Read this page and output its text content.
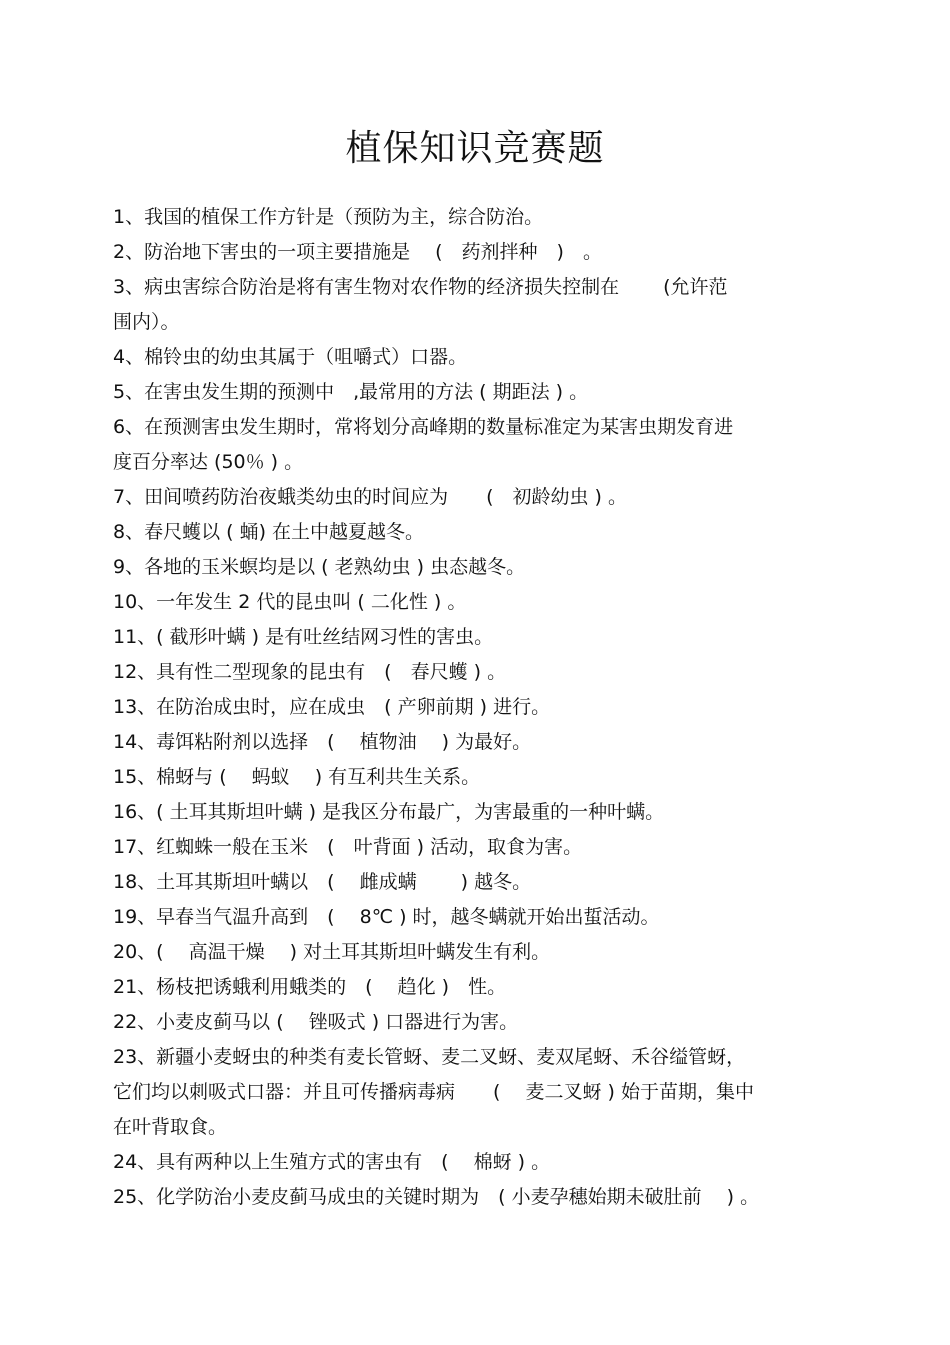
植保知识竞赛题
1、我国的植保工作方针是（预防为主，综合防治。
2、防治地下害虫的一项主要措施是　 (　药剂拌种　)　。
3、病虫害综合防治是将有害生物对农作物的经济损失控制在　　 (允许范
围内）。
4、棉铃虫的幼虫其属于（咀嚼式）口器。
5、在害虫发生期的预测中　,最常用的方法 ( 期距法 ) 。
6、在预测害虫发生期时，常将划分高峰期的数量标准定为某害虫期发育进
度百分率达 (50％ ) 。
7、田间喷药防治夜蛾类幼虫的时间应为　　(　初龄幼虫 ) 。
8、春尺蠖以 ( 蛹) 在土中越夏越冬。
9、各地的玉米螟均是以 ( 老熟幼虫 ) 虫态越冬。
10、一年发生 2 代的昆虫叫 ( 二化性 ) 。
11、( 截形叶螨 ) 是有吐丝结网习性的害虫。
12、具有性二型现象的昆虫有　(　春尺蠖 ) 。
13、在防治成虫时，应在成虫　( 产卵前期 ) 进行。
14、毒饵粘附剂以选择　(　 植物油　 ) 为最好。
15、棉蚜与 (　 蚂蚁　 ) 有互利共生关系。
16、( 土耳其斯坦叶螨 ) 是我区分布最广，为害最重的一种叶螨。
17、红蜘蛛一般在玉米　(　叶背面 ) 活动，取食为害。
18、土耳其斯坦叶螨以　(　 雌成螨　　 ) 越冬。
19、早春当气温升高到　(　 8℃ ) 时，越冬螨就开始出蜇活动。
20、(　 高温干燥　 ) 对土耳其斯坦叶螨发生有利。
21、杨枝把诱蛾利用蛾类的　(　 趋化 )　性。
22、小麦皮蓟马以 (　 锉吸式 ) 口器进行为害。
23、新疆小麦蚜虫的种类有麦长管蚜、麦二叉蚜、麦双尾蚜、禾谷缢管蚜，
它们均以刺吸式口器：并且可传播病毒病　　(　 麦二叉蚜 ) 始于苗期，集中
在叶背取食。
24、具有两种以上生殖方式的害虫有　(　 棉蚜 ) 。
25、化学防治小麦皮蓟马成虫的关键时期为　( 小麦孕穗始期未破肚前　 ) 。
